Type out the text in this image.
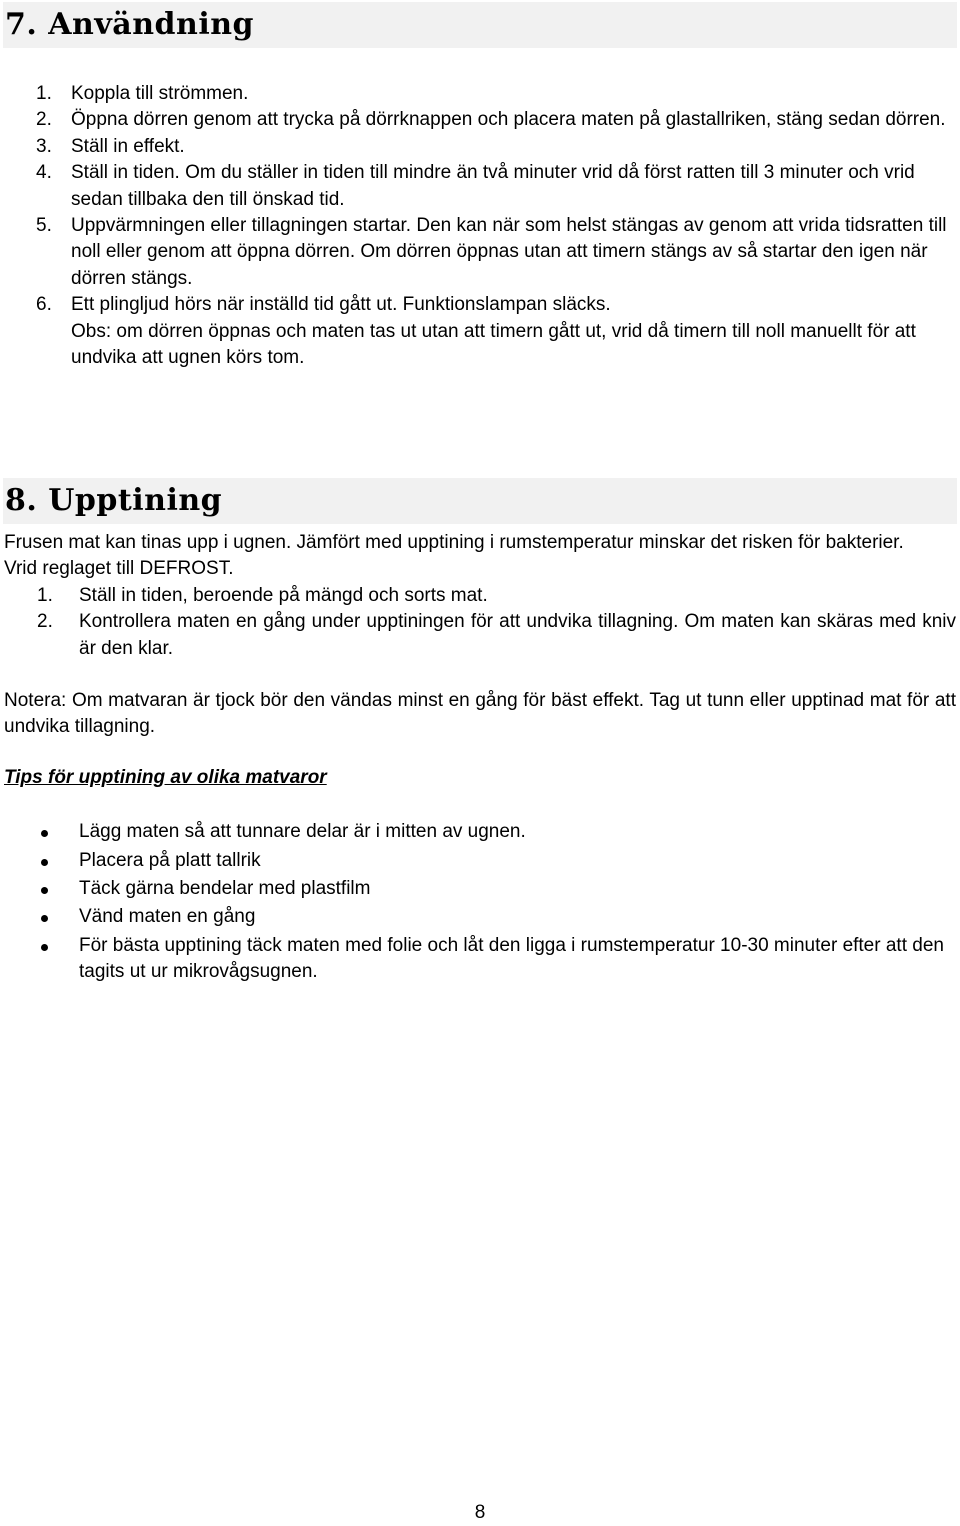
7. Användning
1. Koppla till strömmen.
2. Öppna dörren genom att trycka på dörrknappen och placera maten på glastallriken, stäng sedan dörren.
3. Ställ in effekt.
4. Ställ in tiden. Om du ställer in tiden till mindre än två minuter vrid då först ratten till 3 minuter och vrid sedan tillbaka den till önskad tid.
5. Uppvärmningen eller tillagningen startar. Den kan när som helst stängas av genom att vrida tidsratten till noll eller genom att öppna dörren. Om dörren öppnas utan att timern stängs av så startar den igen när dörren stängs.
6. Ett plingljud hörs när inställd tid gått ut. Funktionslampan släcks.
Obs: om dörren öppnas och maten tas ut utan att timern gått ut, vrid då timern till noll manuellt för att undvika att ugnen körs tom.
8. Upptining

Frusen mat kan tinas upp i ugnen. Jämfört med upptining i rumstemperatur minskar det risken för bakterier.

Vrid reglaget till DEFROST.

1. Ställ in tiden, beroende på mängd och sorts mat.
2. Kontrollera maten en gång under upptiningen för att undvika tillagning. Om maten kan skäras med kniv är den klar.

Notera: Om matvaran är tjock bör den vändas minst en gång för bäst effekt. Tag ut tunn eller upptinad mat för att undvika tillagning.

Tips för upptining av olika matvaror

Lägg maten så att tunnare delar är i mitten av ugnen.
Placera på platt tallrik
Täck gärna bendelar med plastfilm
Vänd maten en gång
För bästa upptining täck maten med folie och låt den ligga i rumstemperatur 10-30 minuter efter att den tagits ut ur mikrovågsugnen.
8
